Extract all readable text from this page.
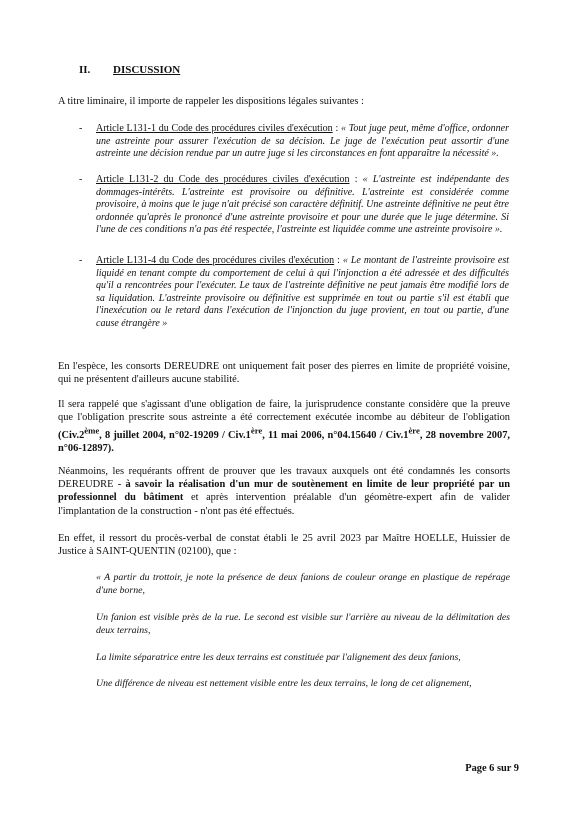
II. DISCUSSION
A titre liminaire, il importe de rappeler les dispositions légales suivantes :
- Article L131-1 du Code des procédures civiles d'exécution : « Tout juge peut, même d'office, ordonner une astreinte pour assurer l'exécution de sa décision. Le juge de l'exécution peut assortir d'une astreinte une décision rendue par un autre juge si les circonstances en font apparaître la nécessité ».
- Article L131-2 du Code des procédures civiles d'exécution : « L'astreinte est indépendante des dommages-intérêts. L'astreinte est provisoire ou définitive. L'astreinte est considérée comme provisoire, à moins que le juge n'ait précisé son caractère définitif. Une astreinte définitive ne peut être ordonnée qu'après le prononcé d'une astreinte provisoire et pour une durée que le juge détermine. Si l'une de ces conditions n'a pas été respectée, l'astreinte est liquidée comme une astreinte provisoire ».
- Article L131-4 du Code des procédures civiles d'exécution : « Le montant de l'astreinte provisoire est liquidé en tenant compte du comportement de celui à qui l'injonction a été adressée et des difficultés qu'il a rencontrées pour l'exécuter. Le taux de l'astreinte définitive ne peut jamais être modifié lors de sa liquidation. L'astreinte provisoire ou définitive est supprimée en tout ou partie s'il est établi que l'inexécution ou le retard dans l'exécution de l'injonction du juge provient, en tout ou partie, d'une cause étrangère »
En l'espèce, les consorts DEREUDRE ont uniquement fait poser des pierres en limite de propriété voisine, qui ne présentent d'ailleurs aucune stabilité.
Il sera rappelé que s'agissant d'une obligation de faire, la jurisprudence constante considère que la preuve que l'obligation prescrite sous astreinte a été correctement exécutée incombe au débiteur de l'obligation (Civ.2ème, 8 juillet 2004, n°02-19209 / Civ.1ère, 11 mai 2006, n°04.15640 / Civ.1ère, 28 novembre 2007, n°06-12897).
Néanmoins, les requérants offrent de prouver que les travaux auxquels ont été condamnés les consorts DEREUDRE - à savoir la réalisation d'un mur de soutènement en limite de leur propriété par un professionnel du bâtiment et après intervention préalable d'un géomètre-expert afin de valider l'implantation de la construction - n'ont pas été effectués.
En effet, il ressort du procès-verbal de constat établi le 25 avril 2023 par Maître HOELLE, Huissier de Justice à SAINT-QUENTIN (02100), que :
« A partir du trottoir, je note la présence de deux fanions de couleur orange en plastique de repérage d'une borne,
Un fanion est visible près de la rue. Le second est visible sur l'arrière au niveau de la délimitation des deux terrains,
La limite séparatrice entre les deux terrains est constituée par l'alignement des deux fanions,
Une différence de niveau est nettement visible entre les deux terrains, le long de cet alignement,
Page 6 sur 9
